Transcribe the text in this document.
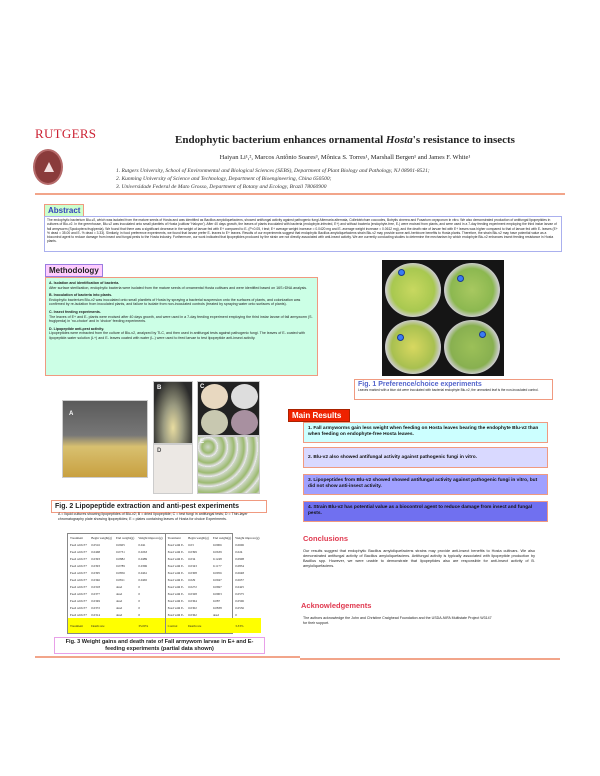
RUTGERS	Endophytic bacterium enhances ornamental Hosta's resistance to insects
Haiyan Li¹,², Marcos Antônio Soares³, Mônica S. Torres¹, Marshall Bergen¹ and James F. White¹
1. Rutgers University, School of Environmental and Biological Sciences (SEBS), Department of Plant Biology and Pathology, NJ 08901-8521;
2. Kunming University of Science and Technology, Department of Bioengineering, China 650500;
3. Universidade Federal de Mato Grosso, Department of Botany and Ecology, Brazil 78060900
Abstract
The endophytic bacterium Blu-v2, which was isolated from the mature seeds of Hosta and was identified as Bacillus amyloliquefaciens, showed antifungal activity against pathogenic fungi Alternaria alternata, Colletotrichum coccodes, Botrytis cinerea and Fusarium oxysporum in vitro. We also demonstrated production of antifungal lipopeptides in cultures of Blu-v2. In the greenhouse, Blu-v2 was inoculated onto small plantlets of Hosta (cultivar 'Halcyon'). After 40 days growth, the leaves of plants inoculated with bacteria (endophyte-infected, E+) and without bacteria (endophyte-free, E-) were excised from plants, and were used in a 7-day feeding experiment employing the third instar larvae of fall armyworm (Spodoptera frugiperda). We found that there was a significant decrease in the weight of larvae fed with E+ compared to E- (P<0.05, t test; E+ average weight increase = 0.0420 mg and E- average weight increase = 0.0612 mg), and the death rate of larvae fed with E+ leaves was higher compared to that of larvae fed with E- leaves (E+ % dead = 35.00 and E- % dead = 3.33). Similarly, in food preference experiments, we found that larvae prefer E- leaves to E+ leaves. Results of our experiments suggest that endophytic Bacillus amyloliquefaciens strain Blu-v2 may provide some anti-herbivore benefits to Hosta plants. Therefore, the strain Blu-v2 may have potential value as a biocontrol agent to reduce damage from insect and fungal pests to the Hosta industry. Furthermore, our work indicated that lipopeptides produced by the strain are not directly associated with anti-insect activity. We are currently conducting studies to determine the mechanism by which endophyte Blu-v2 enhances insect feeding resistance in Hosta plants.
Methodology
A. Isolation and identification of bacteria.
After surface sterilization, endophytic bacteria were isolated from the mature seeds of ornamental Hosta cultivars and were identified based on 16S rDNA analysis.
B. Inoculation of bacteria into plants.
Endophytic bacterium Blu-v2 was inoculated onto small plantlets of Hosta by spraying a bacterial suspension onto the surfaces of plants, and colonization was confirmed by re-isolation from inoculated plants, and failure to isolate from non-inoculated controls (treated by spraying water onto surfaces of plants).
C. Insect feeding experiments.
The leaves of E+ and E- plants were excised after 40 days growth, and were used in a 7-day feeding experiment employing the third instar larvae of fall armyworm (S. frugiperda) in 'no-choice' and in 'choice' feeding experiments.
D. Lipopeptide anti-pest activity.
Lipopeptides were extracted from the culture of Blu-v2, analyzed by TLC, and then used in antifungal tests against pathogenic fungi. The leaves of E- coated with lipopeptide-water solution (L+) and E- leaves coated with water (L-) were used to feed larvae to test lipopeptide anti-insect activity.
A
B	C
D
E
Fig. 2 Lipopeptide extraction and anti-pest experiments
A = liquid cultures showing lipopeptides of Blu-v2; B = dried lipopeptide; C = test fungi in antifungal tests; D = Thin-layer chromatography plate showing lipopeptides; E = plates containing leaves of Hosta for choice Experiments.
Treatment	Begin weight(g)	End weight(g)	Weight improve(g)
Feed with E+	0.0516	0.0605	0.041
Feed with E+	0.0468	0.0731	0.0263
Feed with E+	0.0393	0.0882	0.0489
Feed with E+	0.0393	0.0789	0.0396
Feed with E+	0.0395	0.0856	0.0461
Feed with E+	0.0346	0.0811	0.0465
Feed with E+	0.0318	dead	0
Feed with E+	0.0377	dead	0
Feed with E+	0.0349	dead	0
Feed with E+	0.0372	dead	0
Feed with E+	0.0314	dead	0
Treatment	Death rate		35.00%
Treatment	Begin weight(g)	End weight(g)	Weight improve(g)
Feed with E-	0.03	0.0906	0.0606
Feed with E-	0.0399	0.0639	0.024
Feed with E-	0.034	0.1248	0.0908
Feed with E-	0.0343	0.1177	0.0834
Feed with E-	0.0308	0.0956	0.0648
Feed with E-	0.029	0.0947	0.0657
Feed with E-	0.0272	0.0697	0.0425
Feed with E-	0.0328	0.0903	0.0575
Feed with E-	0.0364	0.087	0.0506
Feed with E-	0.0302	0.0838	0.0536
Feed with E-	0.0362	dead	0
Control	Death rate		3.33%
Fig. 3 Weight gains and death rate of Fall armywom larvae in E+ and E- feeding experiments (partial data shown)
Fig. 1 Preference/choice experiments
Leaves marked with a blue dot were inoculated with bacterial endophyte Blu-v2, the unmarked leaf is the non-inoculated control.
Main Results
1. Fall armyworms gain less weight when feeding on Hosta leaves bearing the endophyte Blu-v2 than when feeding on endophyte-free Hosta leaves.
2. Blu-v2 also showed antifungal activity against pathogenic fungi in vitro.
3. Lipopeptides from Blu-v2 showed showed antifungal activity against pathogenic fungi in vitro, but did not show anti-insect activity.
4. Strain Blu-v2 has potential value as a biocontrol agent to reduce damage from insect and fungal pests.
Conclusions
Our results suggest that endophytic Bacillus amyloliquefaciens strains may provide anti-insect benefits to Hosta cultivars. We also demonstrated antifungal activity of Bacillus amyloliquefaciens. Antifungal activity is typically associated with lipopeptide production by Bacillus spp. However, we were unable to demonstrate that lipopeptides also are responsible for anti-insect activity of B. amyloliquefaciens.
Acknowledgements
The authors acknowledge the John and Christine Craighead Foundation and the USDA-NIFA Multistate Project W3147 for their support.
